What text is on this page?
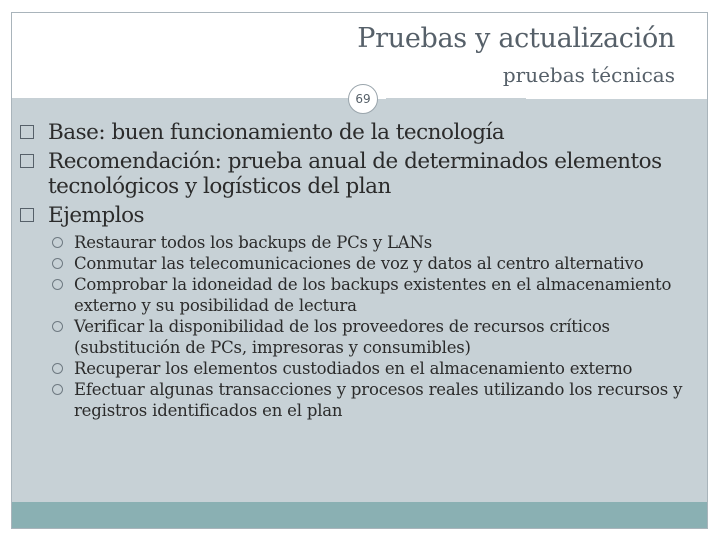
Pruebas y actualización
pruebas técnicas
69
Base: buen funcionamiento de la tecnología
Recomendación: prueba anual de determinados elementos tecnológicos y logísticos del plan
Ejemplos
Restaurar todos los backups de PCs y LANs
Conmutar las telecomunicaciones de voz y datos al centro alternativo
Comprobar la idoneidad de los backups existentes en el almacenamiento externo y su posibilidad de lectura
Verificar la disponibilidad de los proveedores de recursos críticos (substitución de PCs, impresoras y consumibles)
Recuperar los elementos custodiados en el almacenamiento externo
Efectuar algunas transacciones y procesos reales utilizando los recursos y registros identificados en el plan
